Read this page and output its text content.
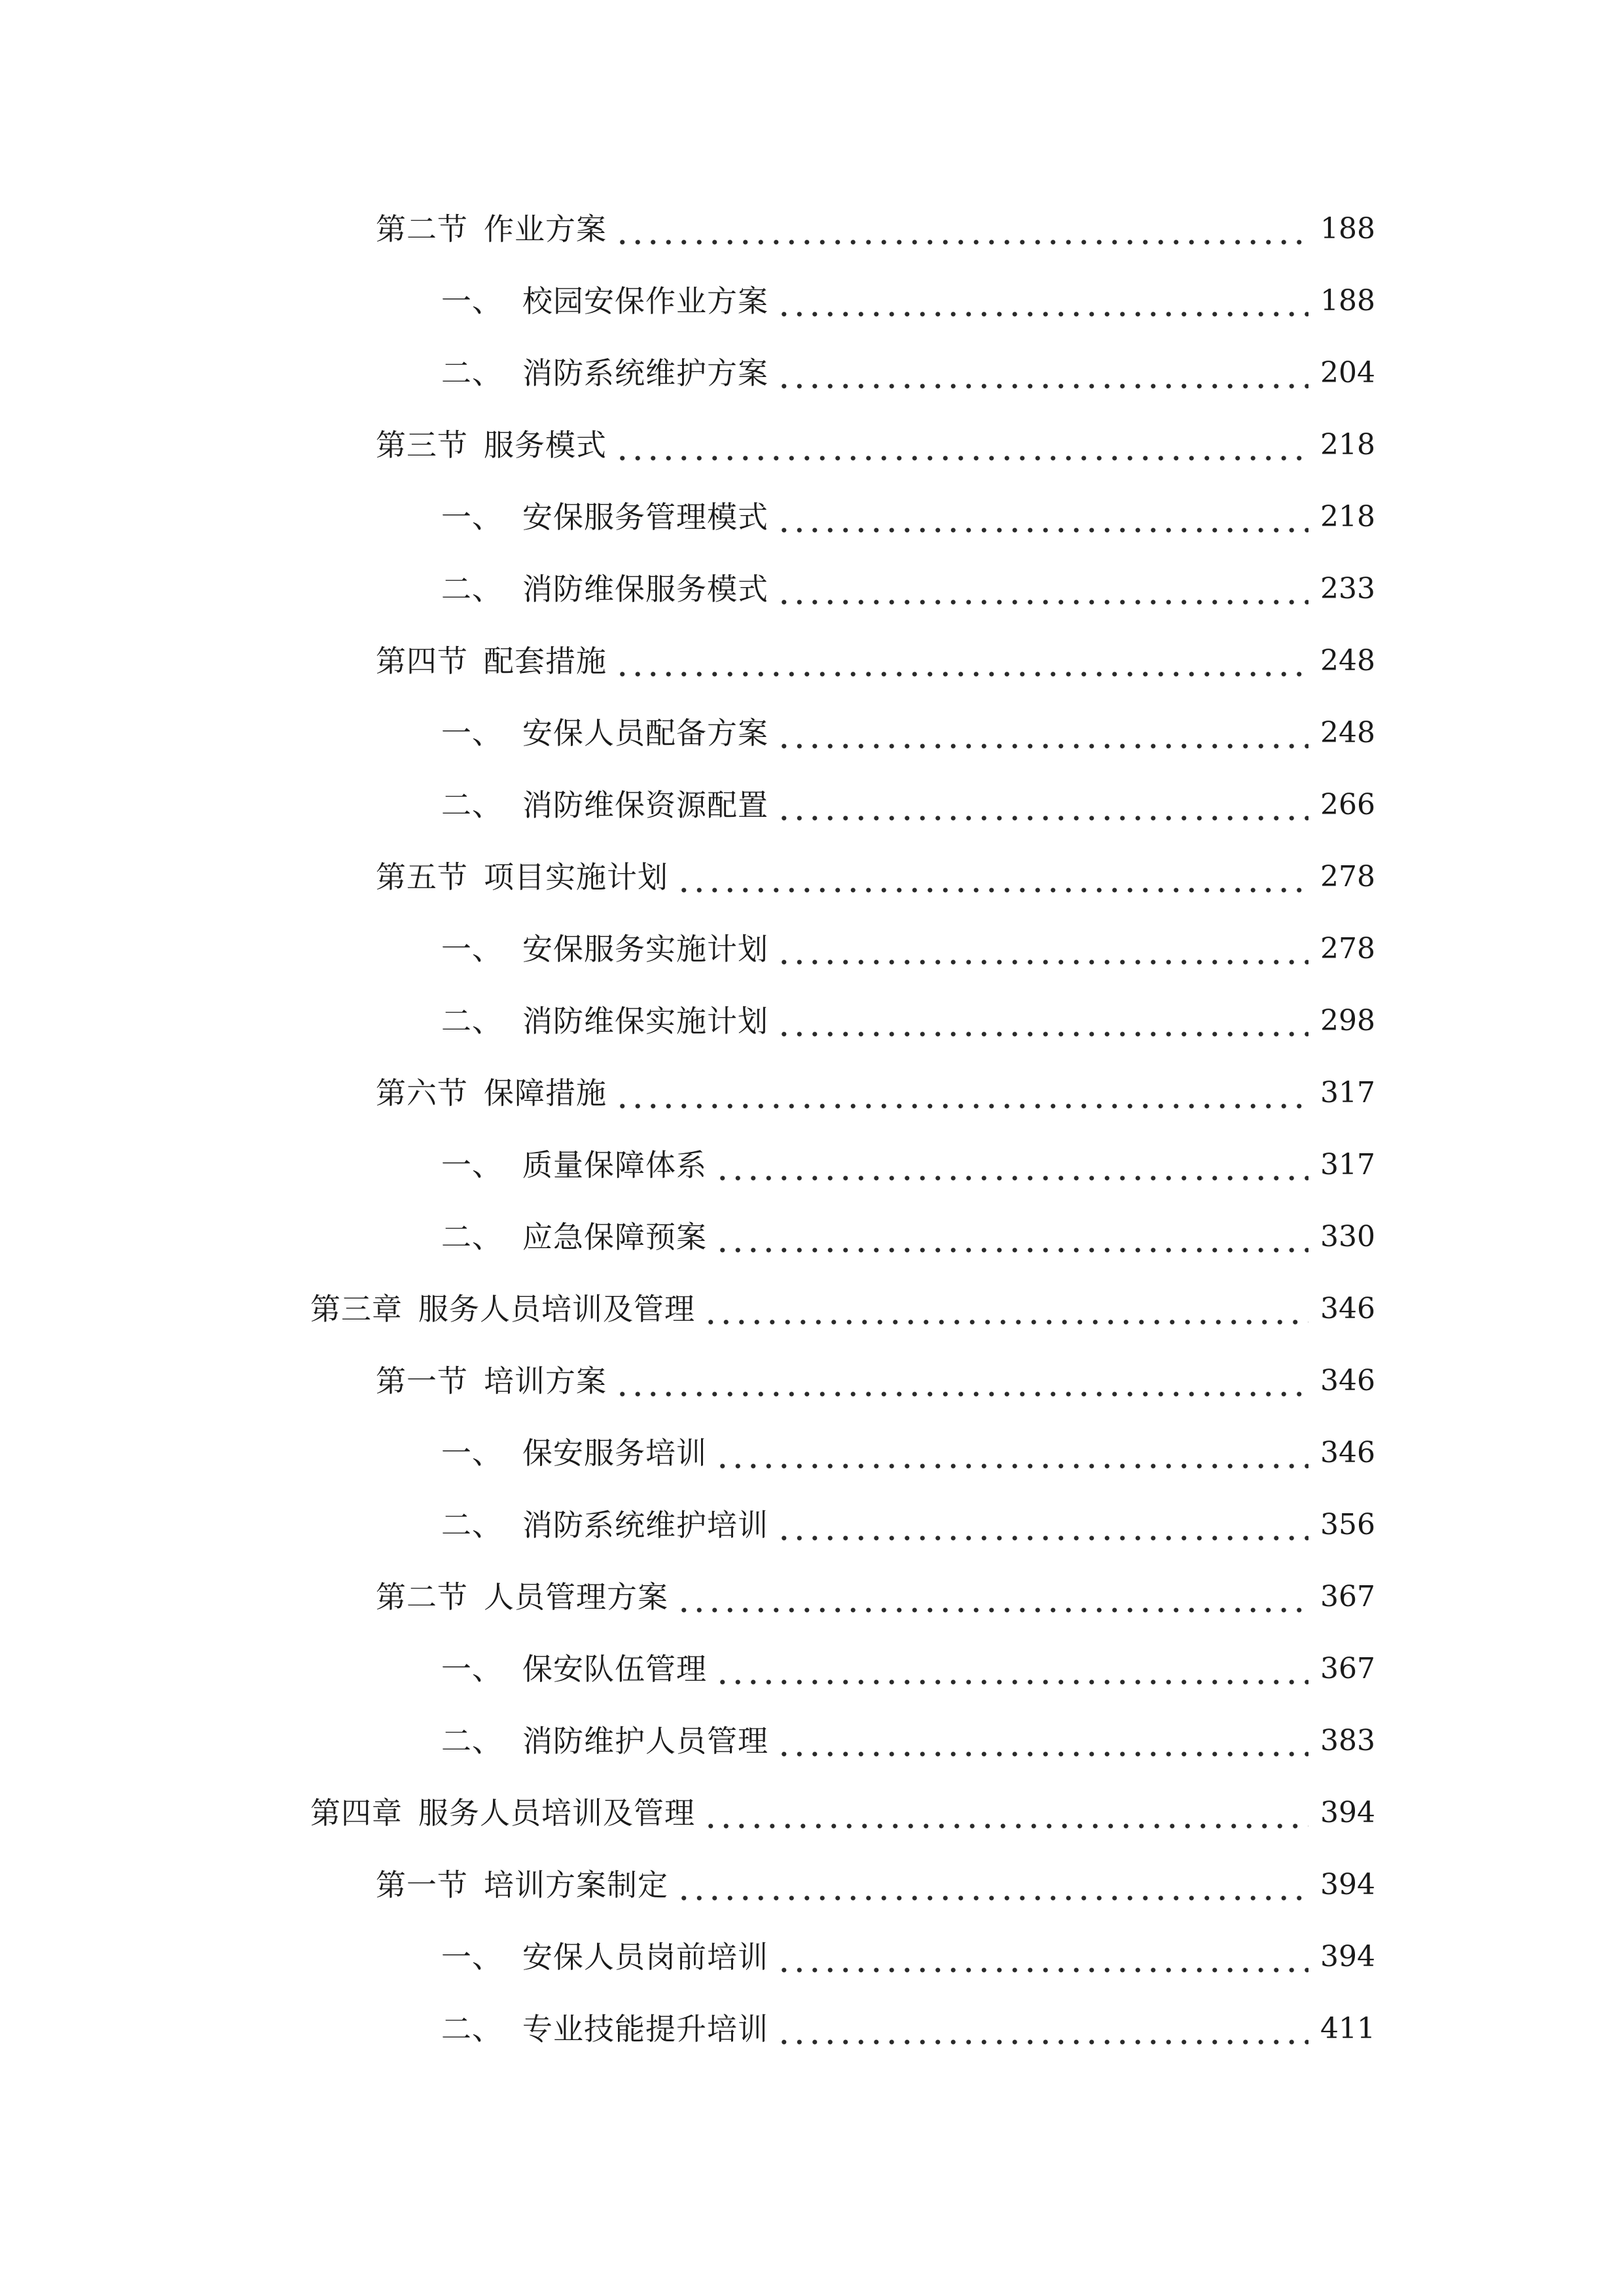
第二节 作业方案	188
一、 校园安保作业方案	188
二、 消防系统维护方案	204
第三节 服务模式	218
一、 安保服务管理模式	218
二、 消防维保服务模式	233
第四节 配套措施	248
一、 安保人员配备方案	248
二、 消防维保资源配置	266
第五节 项目实施计划	278
一、 安保服务实施计划	278
二、 消防维保实施计划	298
第六节 保障措施	317
一、 质量保障体系	317
二、 应急保障预案	330
第三章 服务人员培训及管理	346
第一节 培训方案	346
一、 保安服务培训	346
二、 消防系统维护培训	356
第二节 人员管理方案	367
一、 保安队伍管理	367
二、 消防维护人员管理	383
第四章 服务人员培训及管理	394
第一节 培训方案制定	394
一、 安保人员岗前培训	394
二、 专业技能提升培训	411
